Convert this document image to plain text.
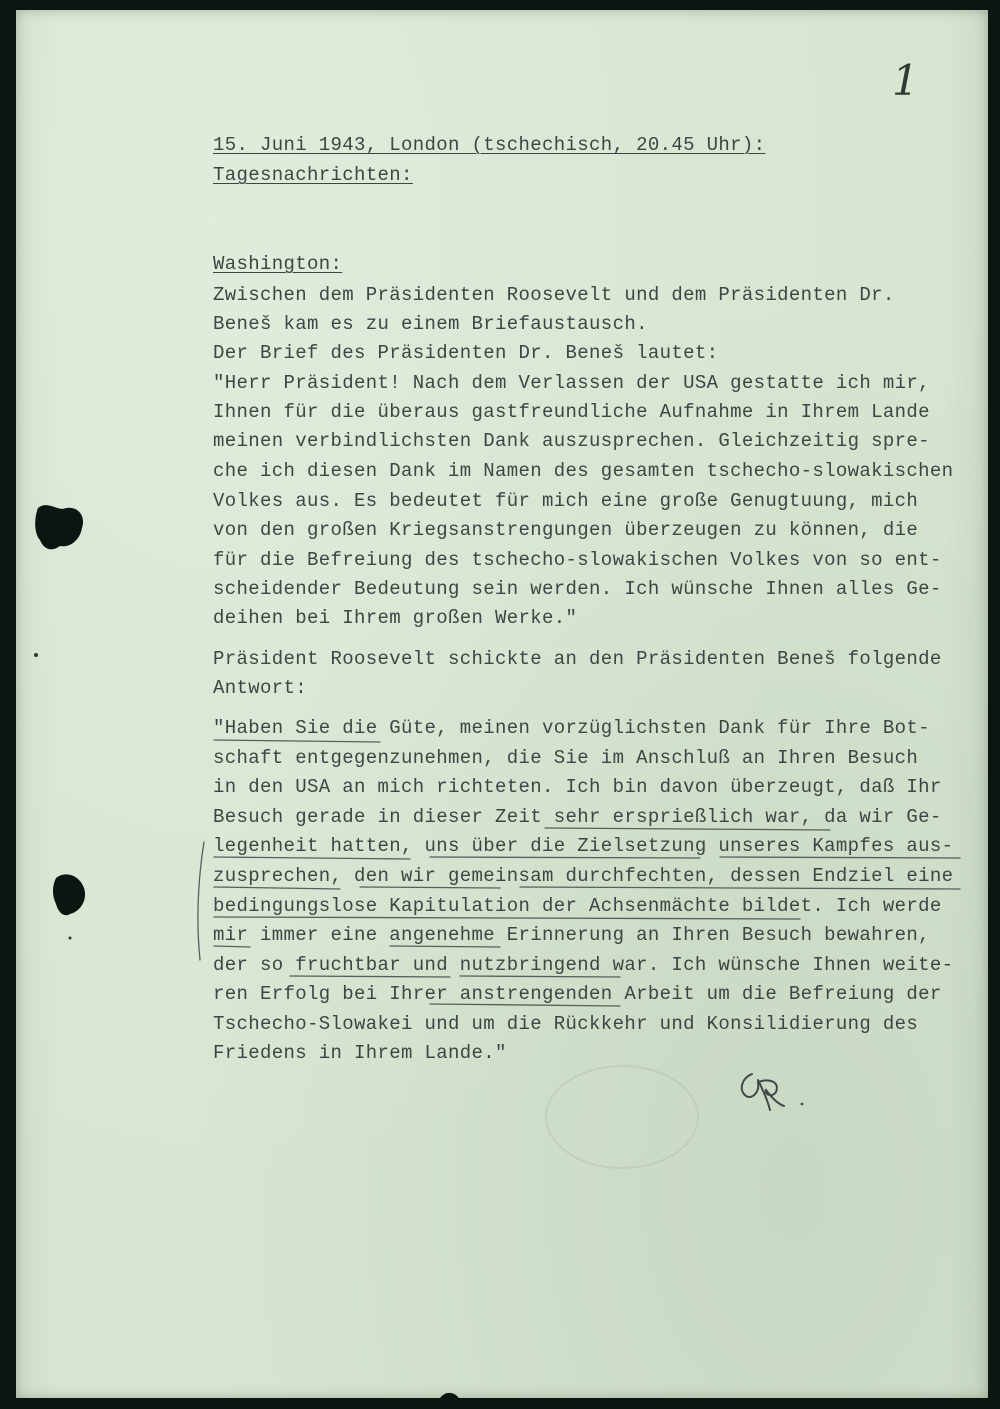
1
15. Juni 1943, London (tschechisch, 20.45 Uhr):
Tagesnachrichten:
Washington:
Zwischen dem Präsidenten Roosevelt und dem Präsidenten Dr.
Beneš kam es zu einem Briefaustausch.
Der Brief des Präsidenten Dr. Beneš lautet:
"Herr Präsident! Nach dem Verlassen der USA gestatte ich mir,
Ihnen für die überaus gastfreundliche Aufnahme in Ihrem Lande
meinen verbindlichsten Dank auszusprechen. Gleichzeitig spre-
che ich diesen Dank im Namen des gesamten tschecho-slowakischen
Volkes aus. Es bedeutet für mich eine große Genugtuung, mich
von den großen Kriegsanstrengungen überzeugen zu können, die
für die Befreiung des tschecho-slowakischen Volkes von so ent-
scheidender Bedeutung sein werden. Ich wünsche Ihnen alles Ge-
deihen bei Ihrem großen Werke."
Präsident Roosevelt schickte an den Präsidenten Beneš folgende
Antwort:
"Haben Sie die Güte, meinen vorzüglichsten Dank für Ihre Bot-
schaft entgegenzunehmen, die Sie im Anschluß an Ihren Besuch
in den USA an mich richteten. Ich bin davon überzeugt, daß Ihr
Besuch gerade in dieser Zeit sehr ersprießlich war, da wir Ge-
legenheit hatten, uns über die Zielsetzung unseres Kampfes aus-
zusprechen, den wir gemeinsam durchfechten, dessen Endziel eine
bedingungslose Kapitulation der Achsenmächte bildet. Ich werde
mir immer eine angenehme Erinnerung an Ihren Besuch bewahren,
der so fruchtbar und nutzbringend war. Ich wünsche Ihnen weite-
ren Erfolg bei Ihrer anstrengenden Arbeit um die Befreiung der
Tschecho-Slowakei und um die Rückkehr und Konsilidierung des
Friedens in Ihrem Lande."
